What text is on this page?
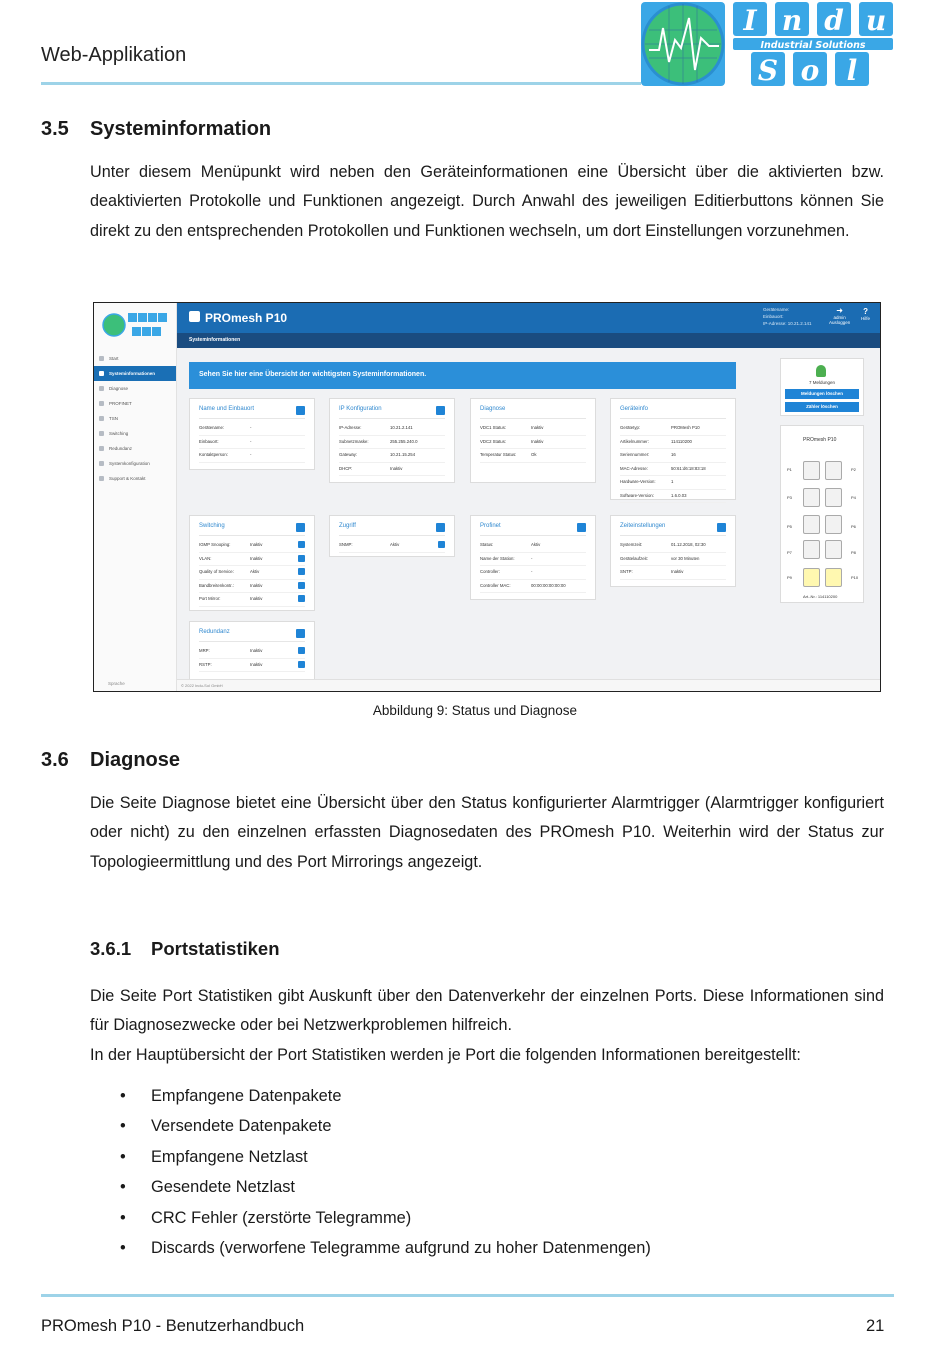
Web-Applikation
I n d u
S o l
Industrial Solutions
3.5 Systeminformation

Unter diesem Menüpunkt wird neben den Geräteinformationen eine Übersicht über die aktivierten bzw. deaktivierten Protokolle und Funktionen angezeigt. Durch Anwahl des jeweiligen Editierbuttons können Sie direkt zu den entsprechenden Protokollen und Funktionen wechseln, um dort Einstellungen vorzunehmen.

Start
Systeminformationen
Diagnose
PROFINET
TSN
Switching
Redundanz
Systemkonfiguration
Support & Kontakt
Sprache
PROmesh P10
Gerätename:
Einbauort:
IP-Adresse: 10.21.2.141
➜
admin
Ausloggen
?
Hilfe
Systeminformationen
Sehen Sie hier eine Übersicht der wichtigsten Systeminformationen.
Name und Einbauort
Gerätename:	-
Einbauort:	-
Kontaktperson:	-
IP Konfiguration
IP-Adresse:	10.21.2.141
Subnetzmaske:	255.255.240.0
Gateway:	10.21.15.254
DHCP:	Inaktiv
Diagnose
VDC1 Status:	Inaktiv
VDC2 Status:	Inaktiv
Temperatur Status:	Ok
Geräteinfo
Gerätetyp:	PROMesh P10
Artikelnummer:	114110200
Seriennummer:	16
MAC-Adresse:	50:61:d6:18:83:18
Hardware-Version:	1
Software-Version:	1.6.0.03
Switching
IGMP Snooping:	Inaktiv
VLAN:	Inaktiv
Quality of Service:	Aktiv
Bandbreitenkontr.:	Inaktiv
Port Mirror:	Inaktiv
Zugriff
SNMP:	Aktiv
Profinet
Status:	Aktiv
Name der Station:	-
Controller:	-
Controller MAC:	00:00:00:00:00:00
Zeiteinstellungen
Systemzeit:	01.12.2018, 02:30
Gerätelaufzeit:	vor 30 Minuten
SNTP:	Inaktiv
Redundanz
MRP:	Inaktiv
RSTP:	Inaktiv
7 Meldungen
Meldungen löschen
Zähler löschen
PROmesh P10
P1	P2
P3	P4
P5	P6
P7	P8
P9	P10
Art.-Nr.: 114110200
© 2022 Indu-Sol GmbH
Abbildung 9: Status und Diagnose
3.6 Diagnose

Die Seite Diagnose bietet eine Übersicht über den Status konfigurierter Alarmtrigger (Alarmtrigger konfiguriert oder nicht) zu den einzelnen erfassten Diagnosedaten des PROmesh P10. Weiterhin wird der Status zur Topologieermittlung und des Port Mirrorings angezeigt.

3.6.1 Portstatistiken

Die Seite Port Statistiken gibt Auskunft über den Datenverkehr der einzelnen Ports. Diese Informationen sind für Diagnosezwecke oder bei Netzwerkproblemen hilfreich.

In der Hauptübersicht der Port Statistiken werden je Port die folgenden Informationen bereitgestellt:

• Empfangene Datenpakete
• Versendete Datenpakete
• Empfangene Netzlast
• Gesendete Netzlast
• CRC Fehler (zerstörte Telegramme)
• Discards (verworfene Telegramme aufgrund zu hoher Datenmengen)
PROmesh P10 - Benutzerhandbuch	21
